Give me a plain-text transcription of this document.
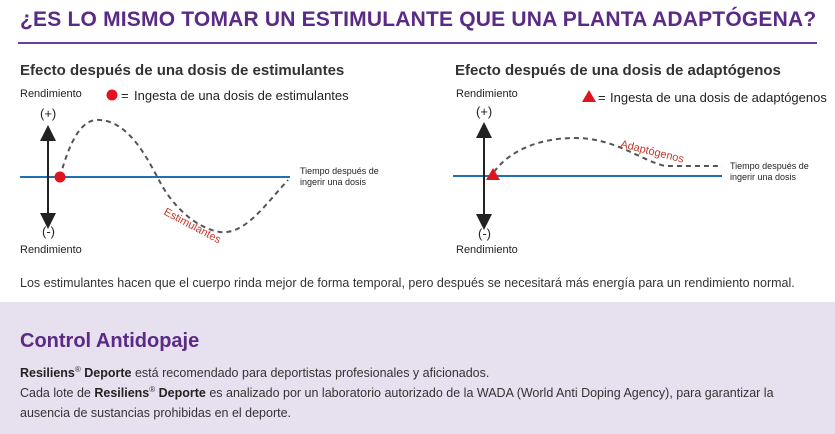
¿ES LO MISMO TOMAR UN ESTIMULANTE QUE UNA PLANTA ADAPTÓGENA?
Estimulantes
Adaptógenos
Efecto después de una dosis de estimulantes
Rendimiento
(+)
= Ingesta de una dosis de estimulantes
Tiempo después de
ingerir una dosis
(-)
Rendimiento
Efecto después de una dosis de adaptógenos
Rendimiento
(+)
= Ingesta de una dosis de adaptógenos
Tiempo después de
ingerir una dosis
(-)
Rendimiento
Los estimulantes hacen que el cuerpo rinda mejor de forma temporal, pero después se necesitará más energía para un rendimiento normal.
Control Antidopaje
Resiliens® Deporte está recomendado para deportistas profesionales y aficionados.
Cada lote de Resiliens® Deporte es analizado por un laboratorio autorizado de la WADA (World Anti Doping Agency), para garantizar la ausencia de sustancias prohibidas en el deporte.
